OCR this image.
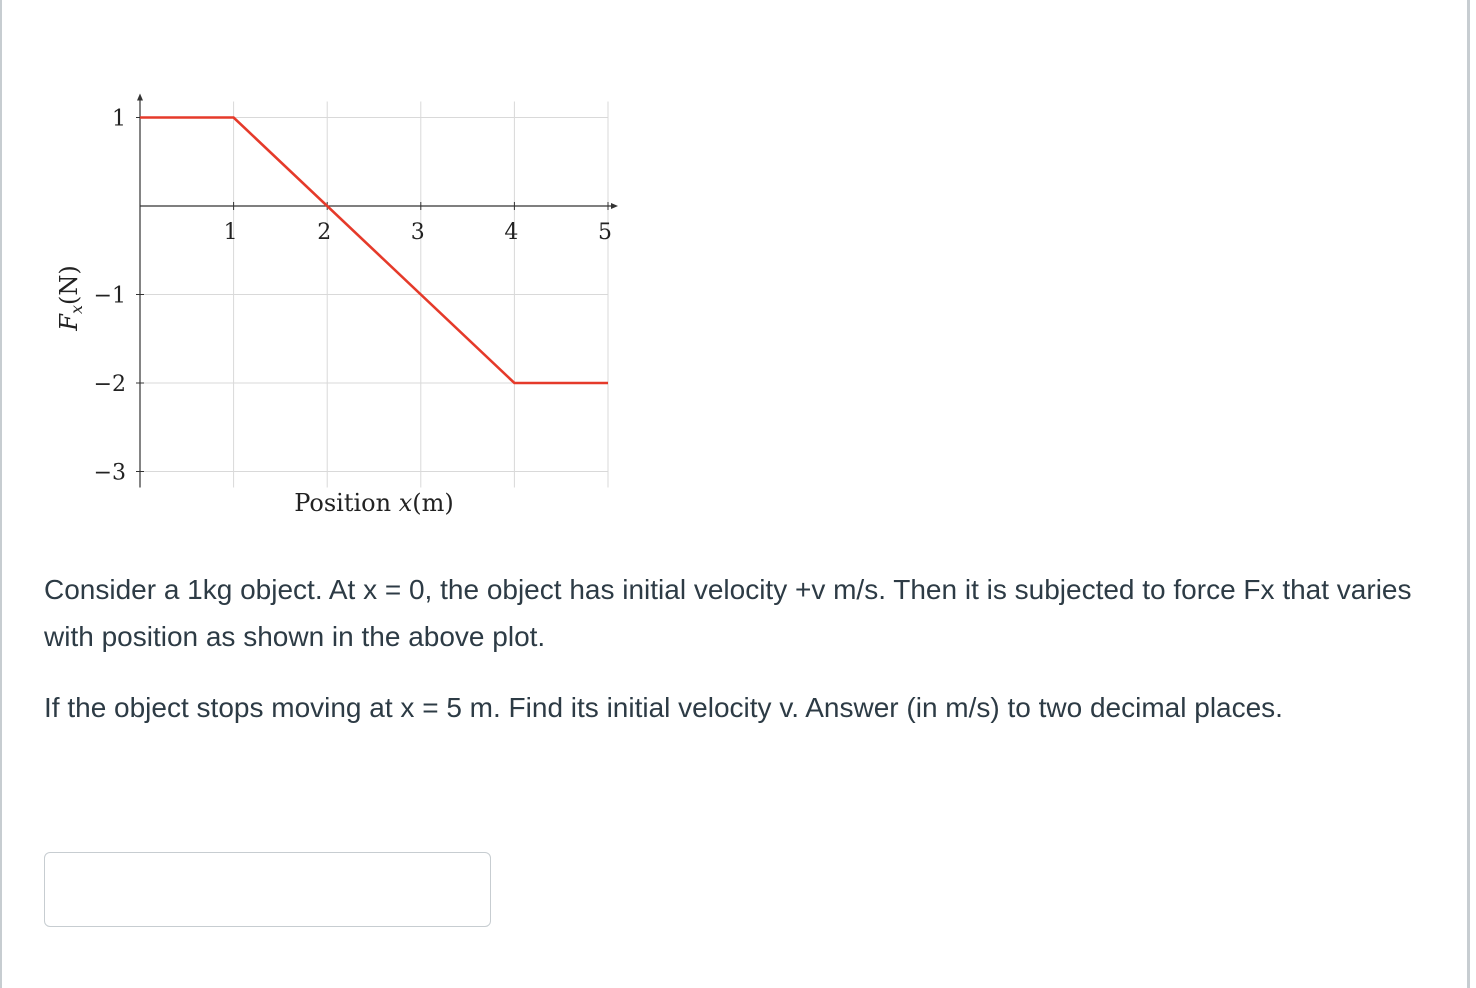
1	2	3	4	5
1
−1
−2
−3
Position x(m)
$F_x(N)$

Consider a 1kg object. At x = 0, the object has initial velocity +v m/s. Then it is subjected to force Fx that varies with position as shown in the above plot.

If the object stops moving at x = 5 m. Find its initial velocity v. Answer (in m/s) to two decimal places.
